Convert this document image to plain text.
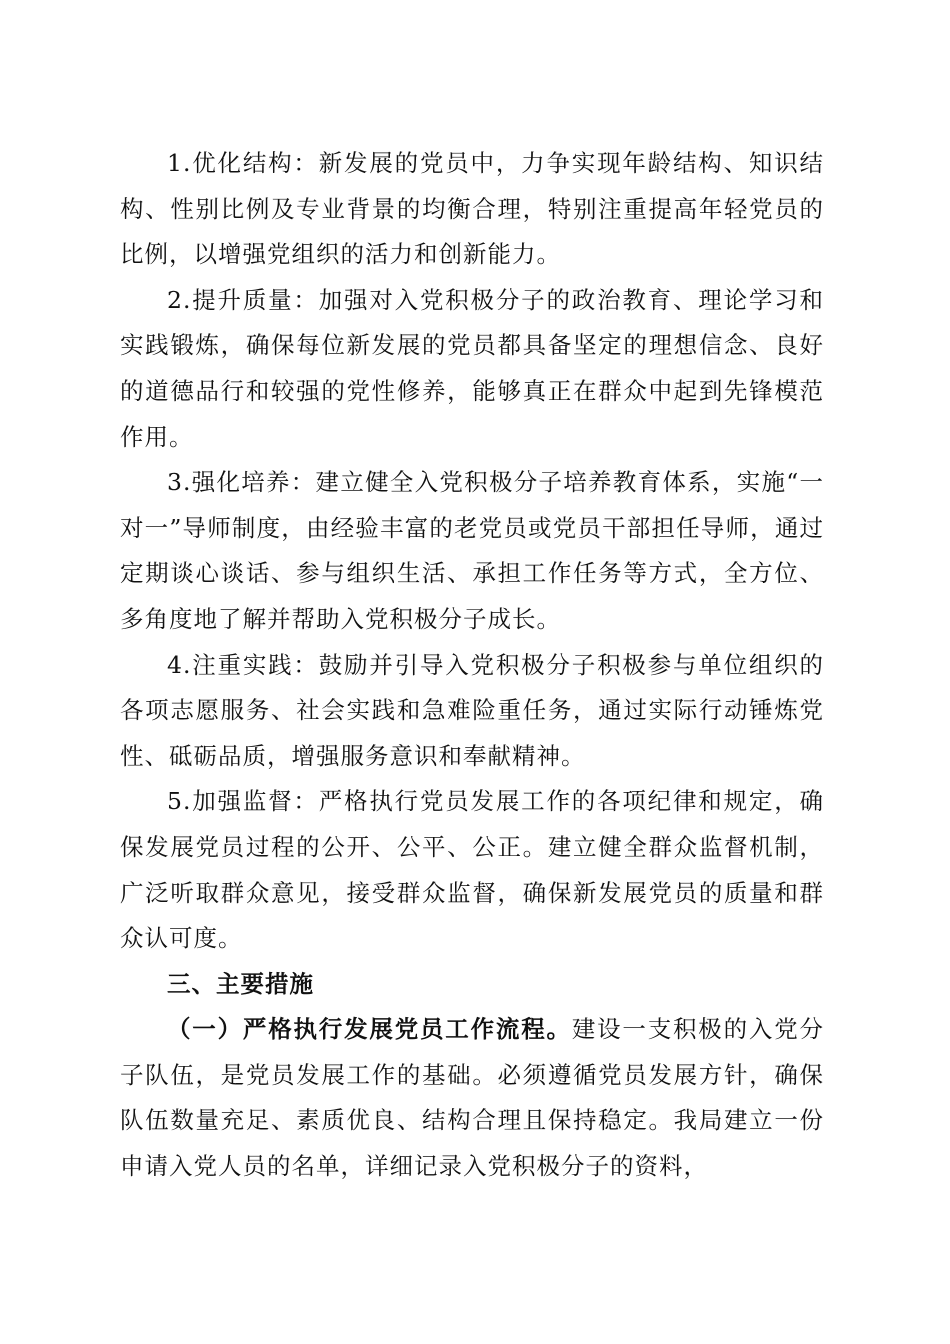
1.优化结构：新发展的党员中，力争实现年龄结构、知识结构、性别比例及专业背景的均衡合理，特别注重提高年轻党员的比例，以增强党组织的活力和创新能力。

2.提升质量：加强对入党积极分子的政治教育、理论学习和实践锻炼，确保每位新发展的党员都具备坚定的理想信念、良好的道德品行和较强的党性修养，能够真正在群众中起到先锋模范作用。

3.强化培养：建立健全入党积极分子培养教育体系，实施“一对一”导师制度，由经验丰富的老党员或党员干部担任导师，通过定期谈心谈话、参与组织生活、承担工作任务等方式，全方位、多角度地了解并帮助入党积极分子成长。

4.注重实践：鼓励并引导入党积极分子积极参与单位组织的各项志愿服务、社会实践和急难险重任务，通过实际行动锤炼党性、砥砺品质，增强服务意识和奉献精神。

5.加强监督：严格执行党员发展工作的各项纪律和规定，确保发展党员过程的公开、公平、公正。建立健全群众监督机制，广泛听取群众意见，接受群众监督，确保新发展党员的质量和群众认可度。

三、主要措施

（一）严格执行发展党员工作流程。建设一支积极的入党分子队伍，是党员发展工作的基础。必须遵循党员发展方针，确保队伍数量充足、素质优良、结构合理且保持稳定。我局建立一份申请入党人员的名单，详细记录入党积极分子的资料，
